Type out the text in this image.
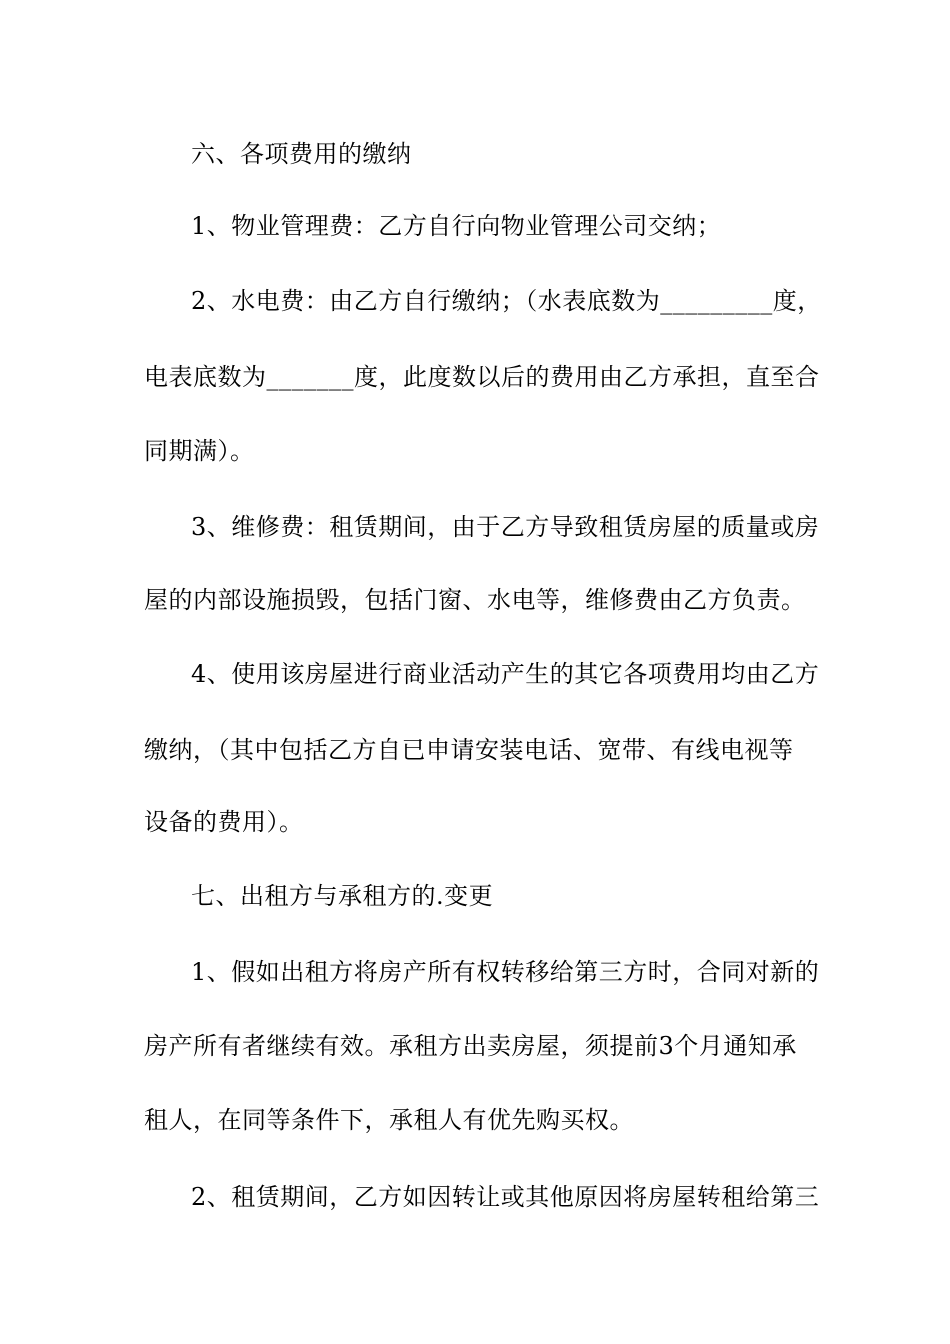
六、各项费用的缴纳
1、物业管理费：乙方自行向物业管理公司交纳；
2、水电费：由乙方自行缴纳；（水表底数为_________度，
电表底数为_______度，此度数以后的费用由乙方承担，直至合
同期满）。
3、维修费：租赁期间，由于乙方导致租赁房屋的质量或房
屋的内部设施损毁，包括门窗、水电等，维修费由乙方负责。
4、使用该房屋进行商业活动产生的其它各项费用均由乙方
缴纳，（其中包括乙方自已申请安装电话、宽带、有线电视等
设备的费用）。
七、出租方与承租方的.变更
1、假如出租方将房产所有权转移给第三方时，合同对新的
房产所有者继续有效。承租方出卖房屋，须提前3个月通知承
租人，在同等条件下，承租人有优先购买权。
2、租赁期间，乙方如因转让或其他原因将房屋转租给第三
